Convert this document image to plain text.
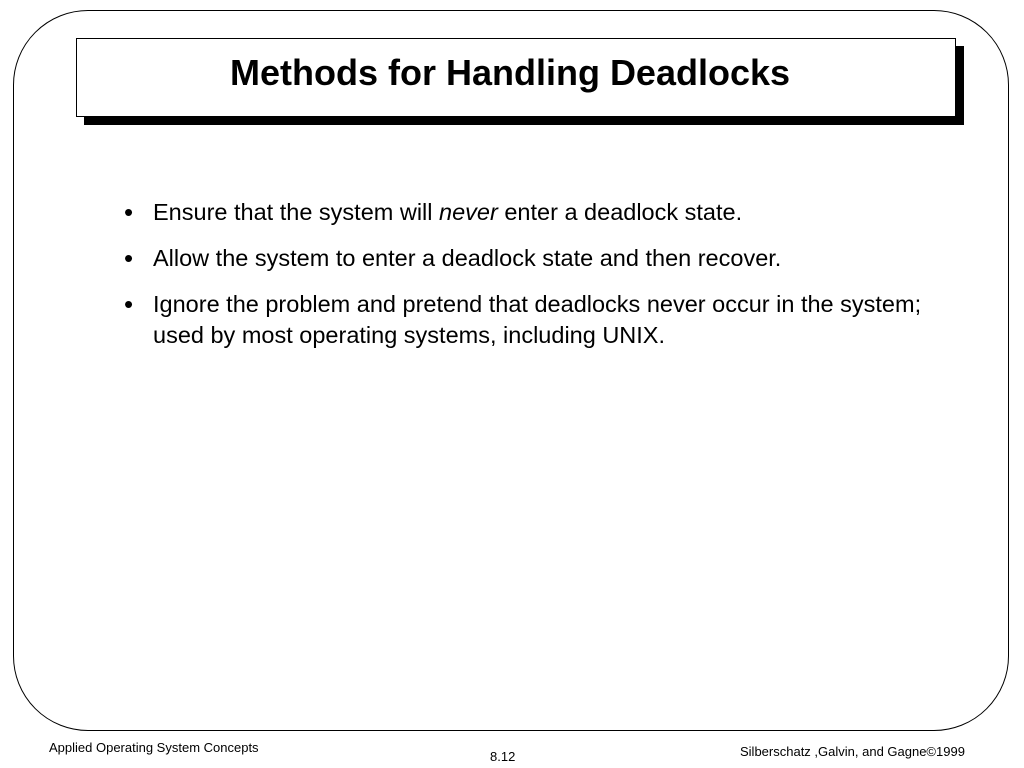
Methods for Handling Deadlocks
• Ensure that the system will never enter a deadlock state.
• Allow the system to enter a deadlock state and then recover.
• Ignore the problem and pretend that deadlocks never occur in the system; used by most operating systems, including UNIX.
Applied Operating System Concepts
8.12	Silberschatz ,Galvin, and Gagne©1999
